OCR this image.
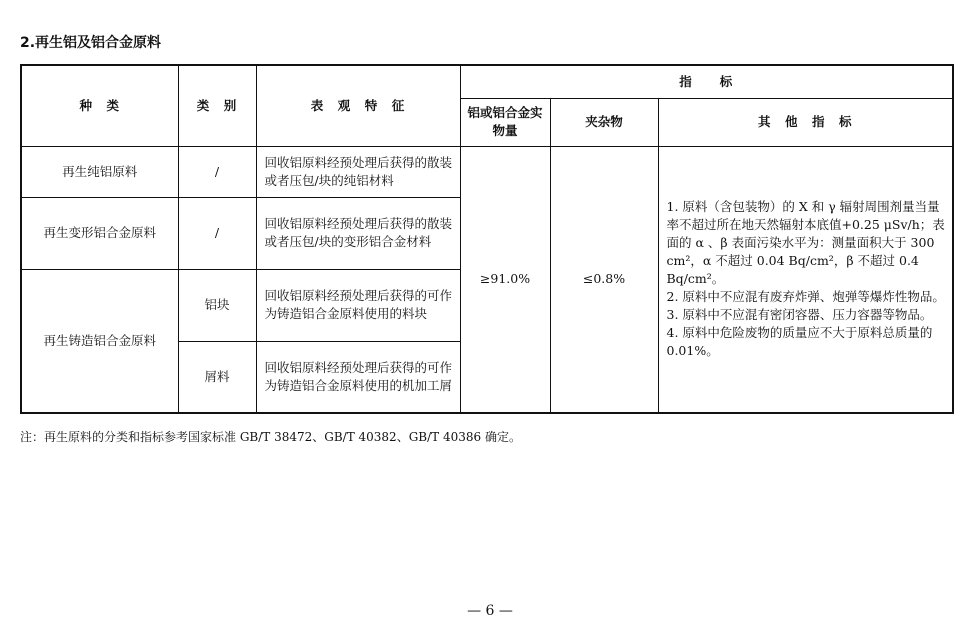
2.再生铝及铝合金原料
种　类	类　别	表　观　特　征	指　　标		
			铝或铝合金实物量	夹杂物	其　他　指　标
再生纯铝原料	/	回收铝原料经预处理后获得的散装或者压包/块的纯铝材料	≥91.0%	≤0.8%	1. 原料（含包装物）的 X 和 γ 辐射周围剂量当量率不超过所在地天然辐射本底值+0.25 μSv/h；表面的 α 、β 表面污染水平为：测量面积大于 300 cm²，α 不超过 0.04 Bq/cm²，β 不超过 0.4 Bq/cm²。
2. 原料中不应混有废弃炸弹、炮弹等爆炸性物品。
3. 原料中不应混有密闭容器、压力容器等物品。
4. 原料中危险废物的质量应不大于原料总质量的 0.01%。

再生变形铝合金原料	/	回收铝原料经预处理后获得的散装或者压包/块的变形铝合金材料			
再生铸造铝合金原料	铝块	回收铝原料经预处理后获得的可作为铸造铝合金原料使用的料块			
	屑料	回收铝原料经预处理后获得的可作为铸造铝合金原料使用的机加工屑			
注：再生原料的分类和指标参考国家标准 GB/T 38472、GB/T 40382、GB/T 40386 确定。
— 6 —
